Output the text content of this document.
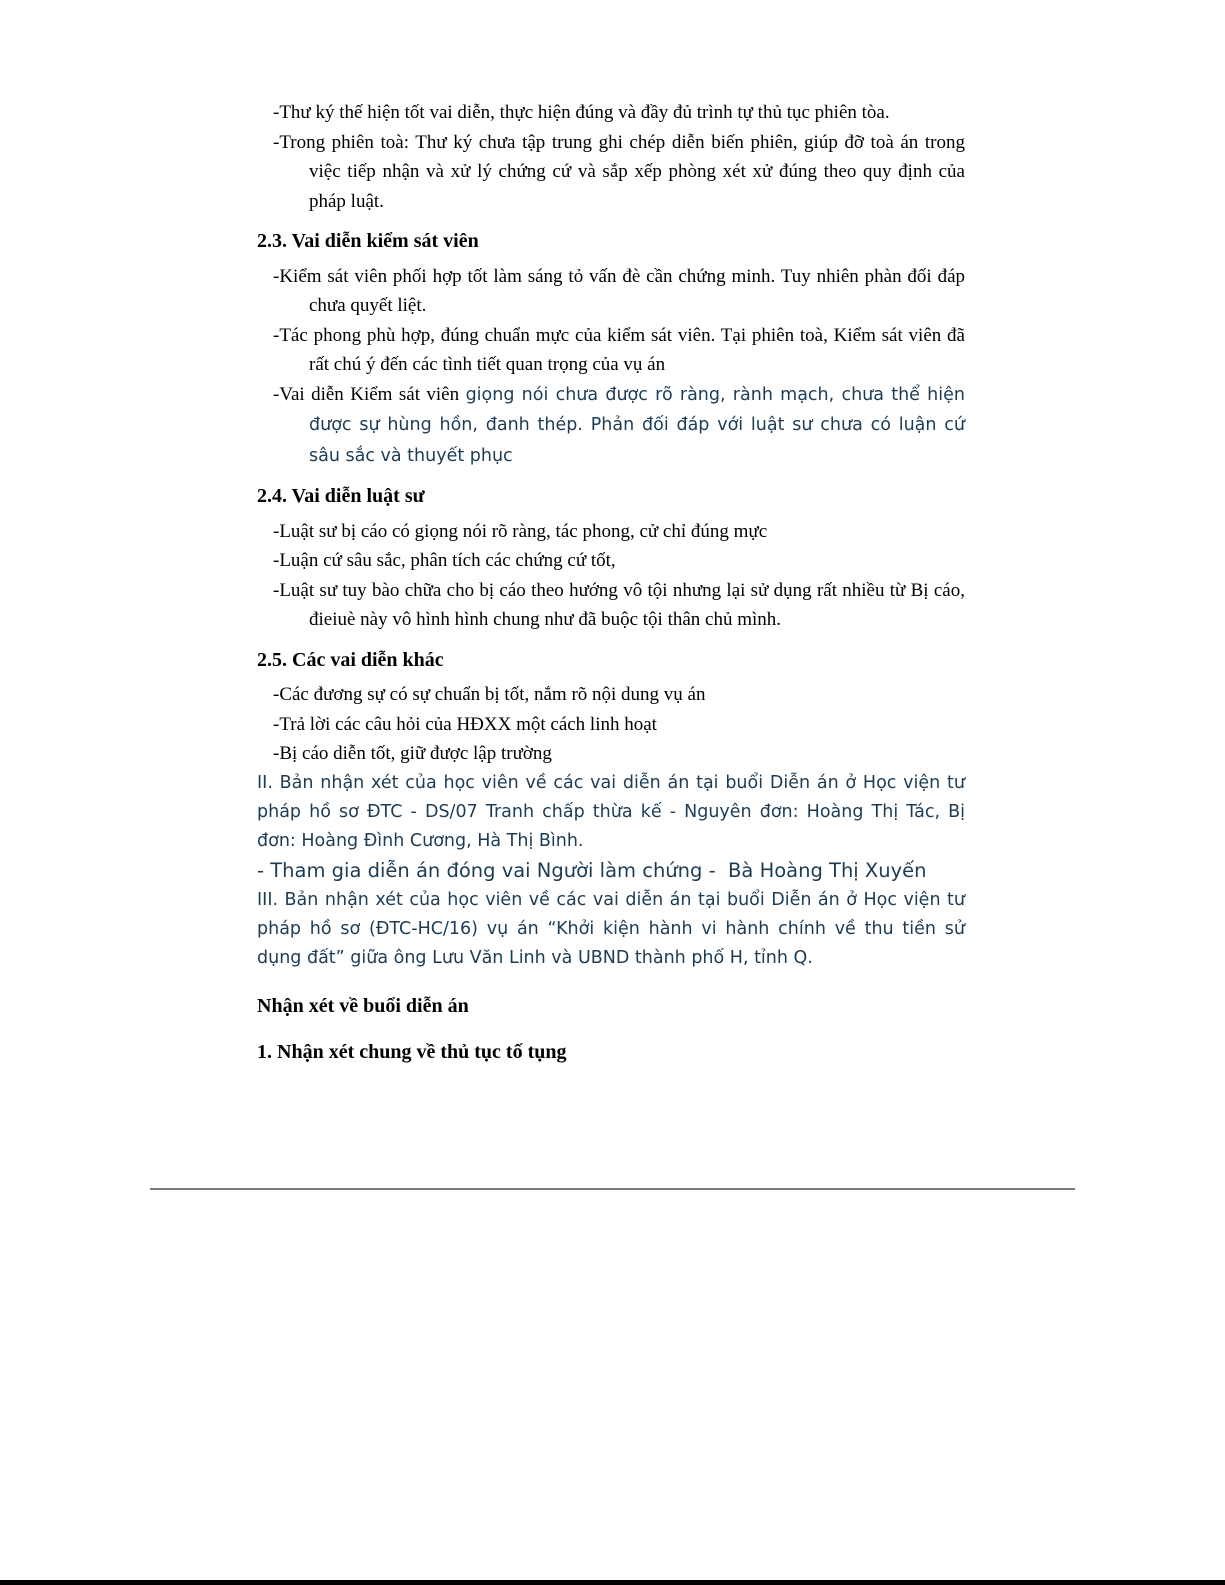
-Thư ký thế hiện tốt vai diễn, thực hiện đúng và đầy đủ trình tự thủ tục phiên tòa.

-Trong phiên toà: Thư ký chưa tập trung ghi chép diễn biến phiên, giúp đỡ toà án trong việc tiếp nhận và xử lý chứng cứ và sắp xếp phòng xét xử đúng theo quy định của pháp luật.

2.3. Vai diễn kiểm sát viên

-Kiểm sát viên phối hợp tốt làm sáng tỏ vấn đè cần chứng minh. Tuy nhiên phàn đối đáp chưa quyết liệt.

-Tác phong phù hợp, đúng chuẩn mực của kiểm sát viên. Tại phiên toà, Kiểm sát viên đã rất chú ý đến các tình tiết quan trọng của vụ án

-Vai diễn Kiểm sát viên giọng nói chưa được rõ ràng, rành mạch, chưa thể hiện được sự hùng hồn, đanh thép. Phản đối đáp với luật sư chưa có luận cứ sâu sắc và thuyết phục

2.4. Vai diễn luật sư

-Luật sư bị cáo có giọng nói rõ ràng, tác phong, cử chỉ đúng mực

-Luận cứ sâu sắc, phân tích các chứng cứ tốt,

-Luật sư tuy bào chữa cho bị cáo theo hướng vô tội nhưng lại sử dụng rất nhiều từ Bị cáo, đieiuè này vô hình hình chung như đã buộc tội thân chủ mình.

2.5. Các vai diễn khác

-Các đương sự có sự chuẩn bị tốt, nắm rõ nội dung vụ án

-Trả lời các câu hỏi của HĐXX một cách linh hoạt

-Bị cáo diễn tốt, giữ được lập trường

II. Bản nhận xét của học viên về các vai diễn án tại buổi Diễn án ở Học viện tư pháp hồ sơ ĐTC - DS/07 Tranh chấp thừa kế - Nguyên đơn: Hoàng Thị Tác, Bị đơn: Hoàng Đình Cương, Hà Thị Bình.

- Tham gia diễn án đóng vai Người làm chứng -  Bà Hoàng Thị Xuyến

III. Bản nhận xét của học viên về các vai diễn án tại buổi Diễn án ở Học viện tư pháp hồ sơ (ĐTC-HC/16) vụ án “Khởi kiện hành vi hành chính về thu tiền sử dụng đất” giữa ông Lưu Văn Linh và UBND thành phố H, tỉnh Q.

Nhận xét về buổi diễn án
1. Nhận xét chung về thủ tục tố tụng
